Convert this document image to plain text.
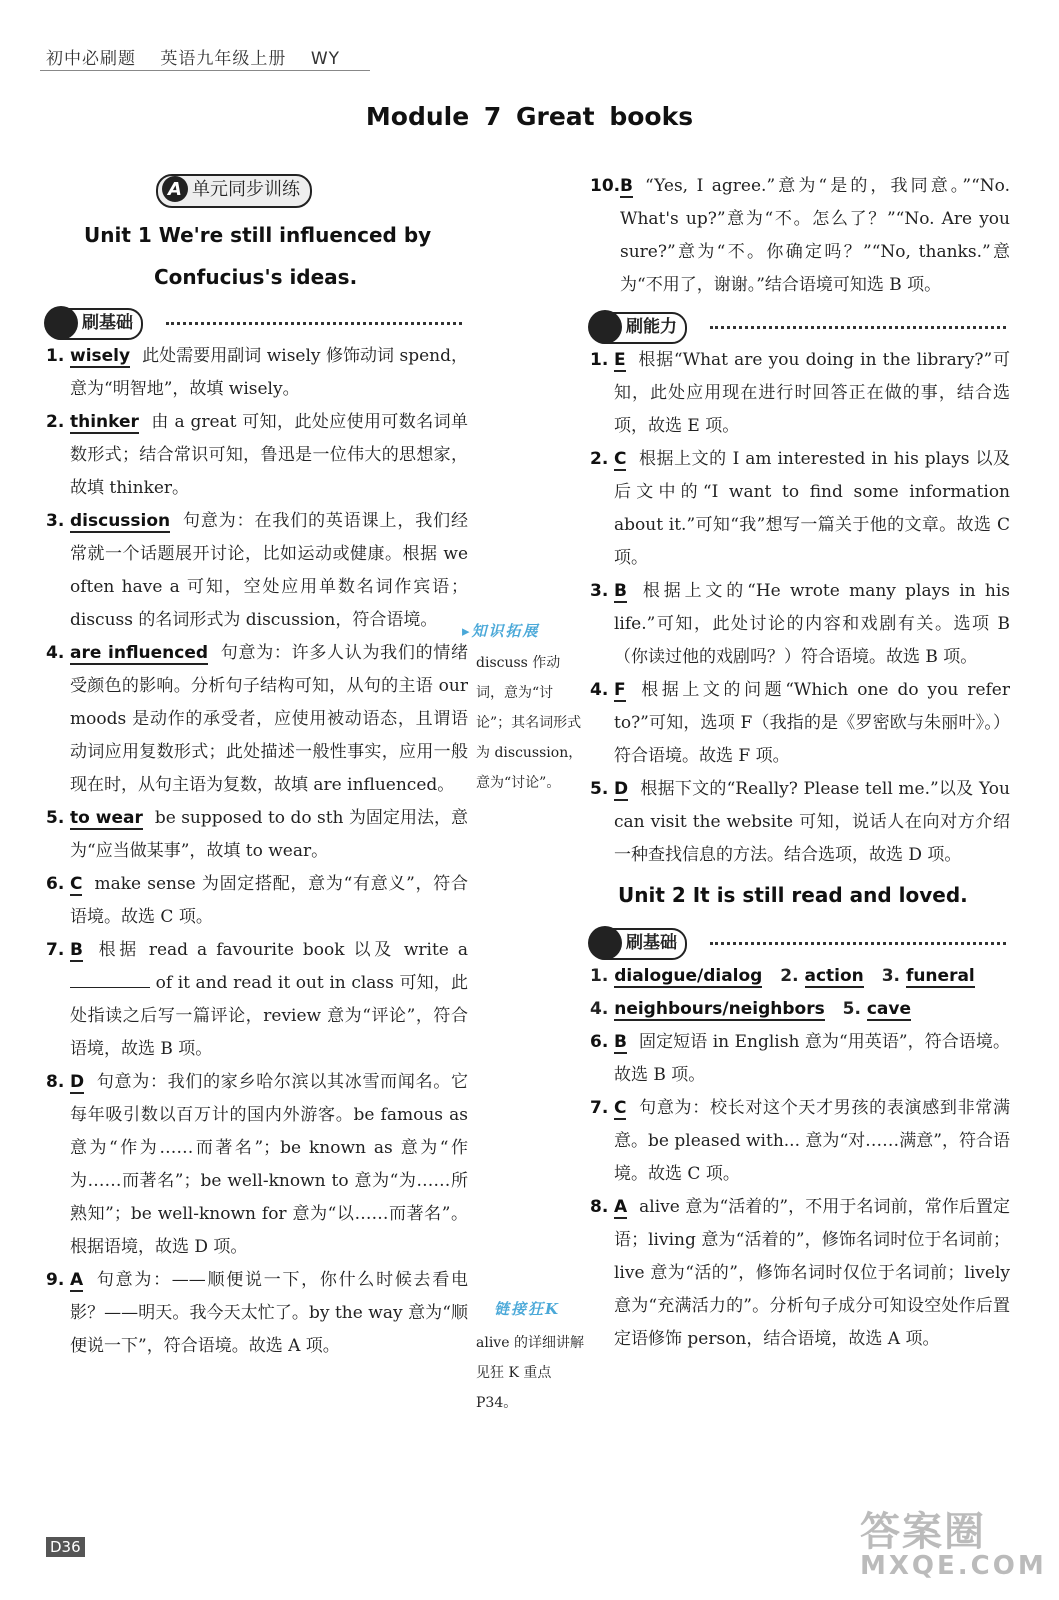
初中必刷题 英语九年级上册 WY
Module 7 Great books
A 单元同步训练
Unit 1 We're still influenced by
Confucius's ideas.
刷基础
1. wisely 此处需要用副词 wisely 修饰动词 spend，意为“明智地”，故填 wisely。
2. thinker 由 a great 可知，此处应使用可数名词单数形式；结合常识可知，鲁迅是一位伟大的思想家，故填 thinker。
3. discussion 句意为：在我们的英语课上，我们经常就一个话题展开讨论，比如运动或健康。根据 we often have a 可知，空处应用单数名词作宾语；discuss 的名词形式为 discussion，符合语境。
4. are influenced 句意为：许多人认为我们的情绪受颜色的影响。分析句子结构可知，从句的主语 our moods 是动作的承受者，应使用被动语态，且谓语动词应用复数形式；此处描述一般性事实，应用一般现在时，从句主语为复数，故填 are influenced。
5. to wear be supposed to do sth 为固定用法，意为“应当做某事”，故填 to wear。
6. C make sense 为固定搭配，意为“有意义”，符合语境。故选 C 项。
7. B 根据 read a favourite book 以及 write a  of it and read it out in class 可知，此处指读之后写一篇评论，review 意为“评论”，符合语境，故选 B 项。
8. D 句意为：我们的家乡哈尔滨以其冰雪而闻名。它每年吸引数以百万计的国内外游客。be famous as 意为“作为……而著名”；be known as 意为“作为……而著名”；be well-known to 意为“为……所熟知”；be well-known for 意为“以……而著名”。根据语境，故选 D 项。
9. A 句意为：——顺便说一下，你什么时候去看电影？——明天。我今天太忙了。by the way 意为“顺便说一下”，符合语境。故选 A 项。
▸知识拓展
discuss 作动词，意为“讨论”；其名词形式为 discussion，意为“讨论”。
链接狂K
alive 的详细讲解见狂 K 重点 P34。
10. B “Yes, I agree.”意为“是的，我同意。”“No. What's up?”意为“不。怎么了？”“No. Are you sure?”意为“不。你确定吗？”“No, thanks.”意为“不用了，谢谢。”结合语境可知选 B 项。
刷能力
1. E 根据“What are you doing in the library?”可知，此处应用现在进行时回答正在做的事，结合选项，故选 E 项。
2. C 根据上文的 I am interested in his plays 以及后文中的“I want to find some information about it.”可知“我”想写一篇关于他的文章。故选 C 项。
3. B 根据上文的“He wrote many plays in his life.”可知，此处讨论的内容和戏剧有关。选项 B（你读过他的戏剧吗？）符合语境。故选 B 项。
4. F 根据上文的问题“Which one do you refer to?”可知，选项 F（我指的是《罗密欧与朱丽叶》。）符合语境。故选 F 项。
5. D 根据下文的“Really? Please tell me.”以及 You can visit the website 可知，说话人在向对方介绍一种查找信息的方法。结合选项，故选 D 项。
Unit 2 It is still read and loved.
刷基础
1. dialogue/dialog 2. action 3. funeral
4. neighbours/neighbors 5. cave
6. B 固定短语 in English 意为“用英语”，符合语境。故选 B 项。
7. C 句意为：校长对这个天才男孩的表演感到非常满意。be pleased with... 意为“对……满意”，符合语境。故选 C 项。
8. A alive 意为“活着的”，不用于名词前，常作后置定语；living 意为“活着的”，修饰名词时位于名词前；live 意为“活的”，修饰名词时仅位于名词前；lively 意为“充满活力的”。分析句子成分可知设空处作后置定语修饰 person，结合语境，故选 A 项。
D36	答案圈
MXQE.COM
